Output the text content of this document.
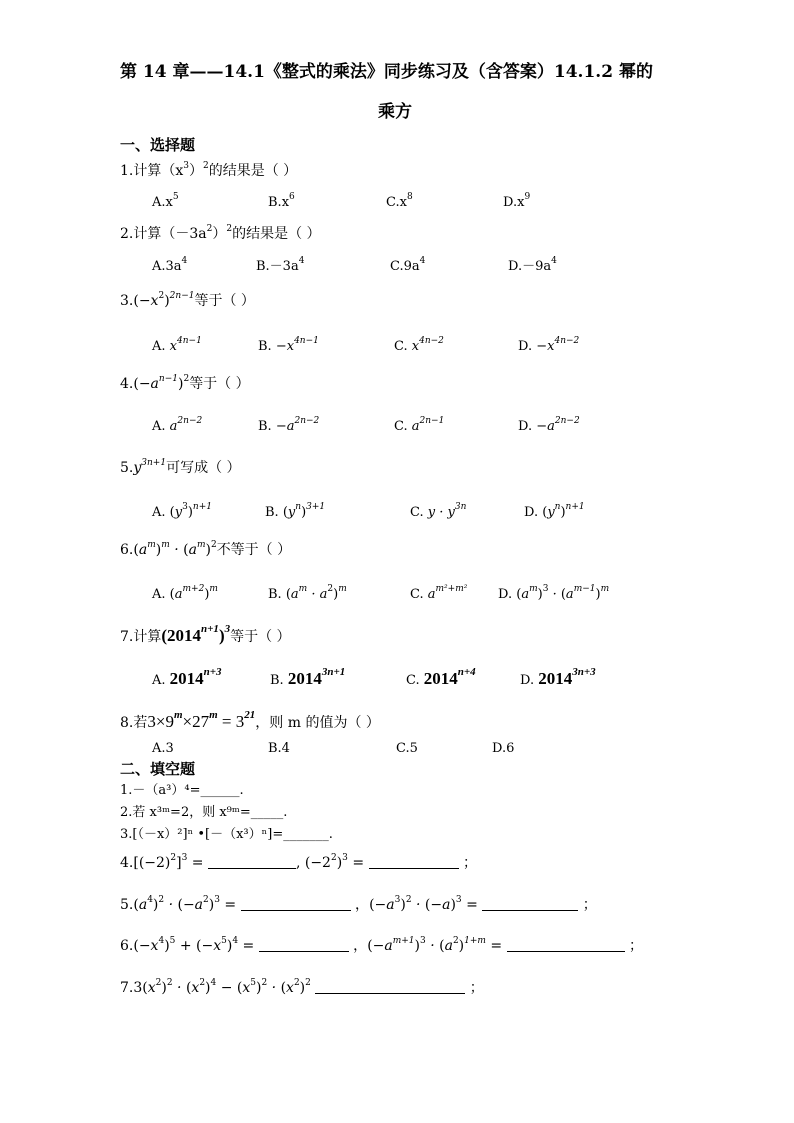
第 14 章——14.1《整式的乘法》同步练习及（含答案）14.1.2 幂的
乘方
一、选择题
1.计算$(x^3)^2$的结果是（ ）
$A.x^5$	$B.x^6$	$C.x^8$	$D.x^9$
2.计算$(-3a^2)^2$的结果是（ ）
$A.3a^4$	$B.-3a^4$	$C.9a^4$	$D.-9a^4$
$3.(-x^2)^{2n-1}$等于（ ）
A. $x^{4n-1}$	B. $-x^{4n-1}$	C. $x^{4n-2}$	D. $-x^{4n-2}$
$4.(-a^{n-1})^2$等于（ ）
A. $a^{2n-2}$	B. $-a^{2n-2}$	C. $a^{2n-1}$	D. $-a^{2n-2}$
$5.y^{3n+1}$可写成（ ）
A. $(y^3)^{n+1}$	B. $(y^n)^{3+1}$	C. $y \cdot y^{3n}$	D. $(y^n)^{n+1}$
$6.(a^m)^m \cdot (a^m)^2$不等于（ ）
A. $(a^{m+2})^m$	B. $(a^m \cdot a^2)^m$	C. $a^{m^2+m^2}$ D. $(a^m)^3 \cdot (a^{m-1})^m$
7.计算$(2014^{n+1})^3$等于（ ）
A. $2014^{n+3}$
B. $2014^{3n+1}$
C. $2014^{n+4}$
D. $2014^{3n+3}$
8.若$3\times 9^m\times 27^m = 3^{21}$，则 m 的值为（ ）
A.3	B.4	C.5	D.6
二、填空题
1.－（a³）⁴=______.
2.若 x³ᵐ=2，则 x⁹ᵐ=_____.
3.[（－x）²]ⁿ •[－（x³）ⁿ]=_______.
$4.[(-2)^2]^3$ =	, $(-2^2)^3$ =	；
$5.(a^4)^2 \cdot (-a^2)^3$ =	，$(-a^3)^2 \cdot (-a)^3$ =	；
$6.(-x^4)^5 + (-x^5)^4$ =	，$(-a^{m+1})^3 \cdot (a^2)^{1+m}$ =	；
$7.3(x^2)^2 \cdot (x^2)^4 - (x^5)^2 \cdot (x^2)^2$	；
